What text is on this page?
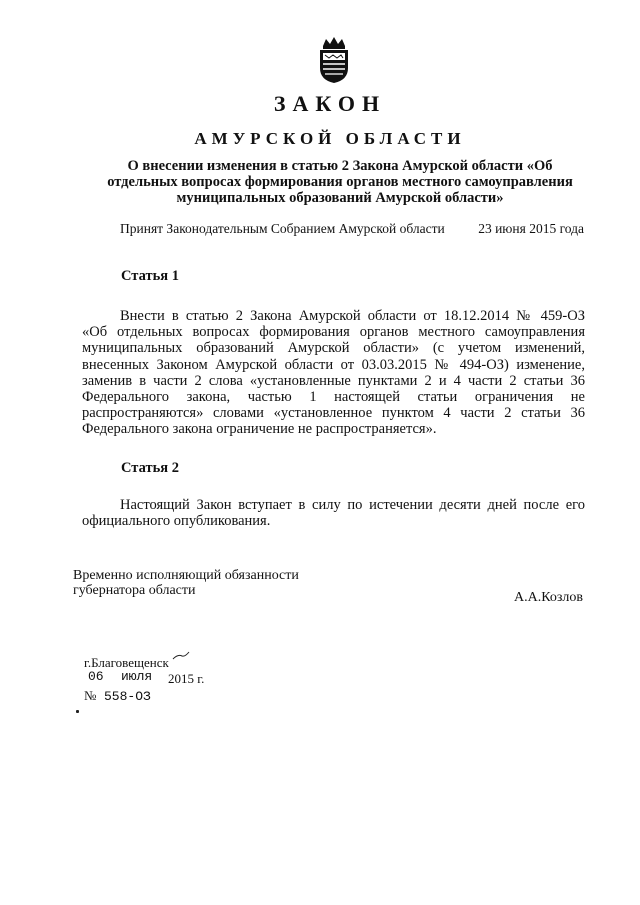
ЗАКОН
АМУРСКОЙ ОБЛАСТИ
О внесении изменения в статью 2 Закона Амурской области «Об
отдельных вопросах формирования органов местного самоуправления
муниципальных образований Амурской области»
Принят Законодательным Собранием Амурской области 23 июня 2015 года
Статья 1
Внести в статью 2 Закона Амурской области от 18.12.2014 № 459-ОЗ
«Об отдельных вопросах формирования органов местного самоуправления
муниципальных образований Амурской области» (с учетом изменений,
внесенных Законом Амурской области от 03.03.2015 № 494-ОЗ) изменение,
заменив в части 2 слова «установленные пунктами 2 и 4 части 2 статьи 36
Федерального закона, частью 1 настоящей статьи ограничения не
распространяются» словами «установленное пунктом 4 части 2 статьи 36
Федерального закона ограничение не распространяется».
Статья 2
Настоящий Закон вступает в силу по истечении десяти дней после его
официального опубликования.
Временно исполняющий обязанности
губернатора области	А.А.Козлов
г.Благовещенск
06 июля 2015 г.
№ 558-ОЗ
